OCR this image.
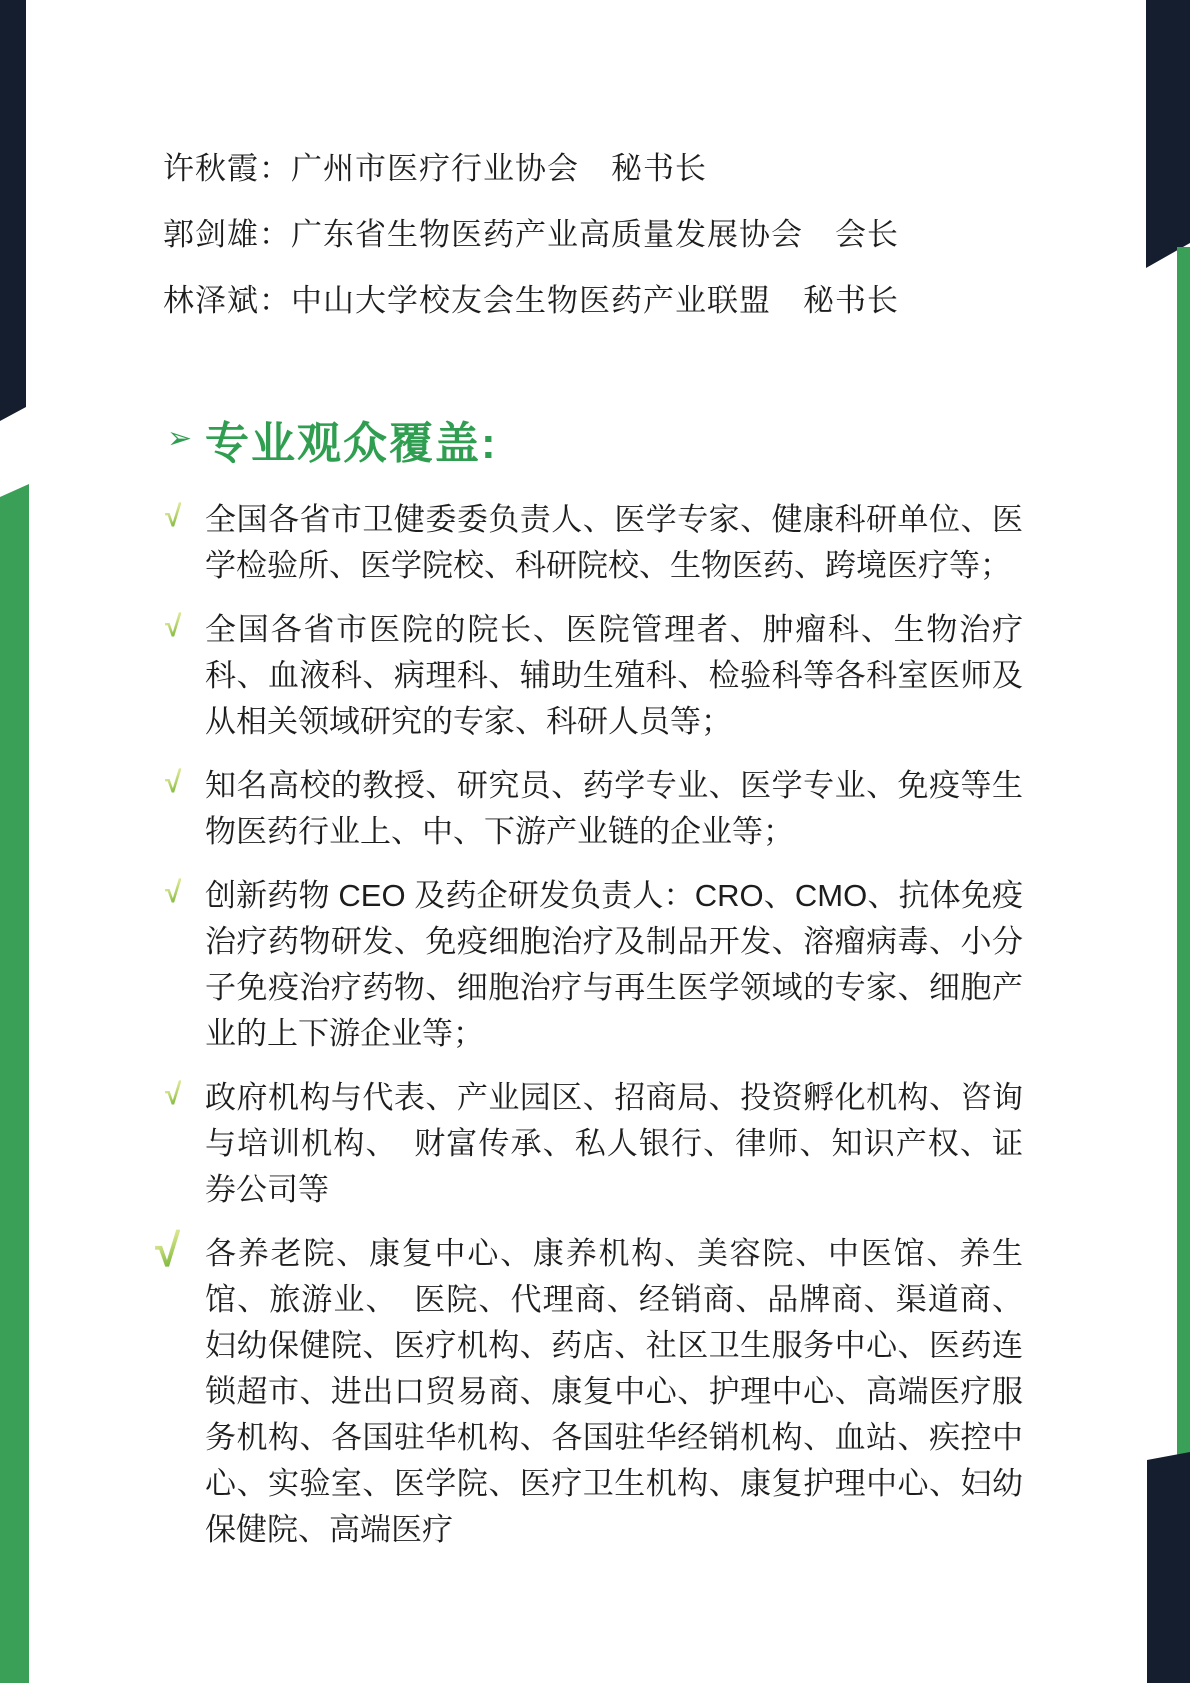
许秋霞：广州市医疗行业协会　秘书长

郭剑雄：广东省生物医药产业高质量发展协会　会长

林泽斌：中山大学校友会生物医药产业联盟　秘书长

➢ 专业观众覆盖:
√ 全国各省市卫健委委负责人、医学专家、健康科研单位、医学检验所、医学院校、科研院校、生物医药、跨境医疗等；
√ 全国各省市医院的院长、医院管理者、肿瘤科、生物治疗科、血液科、病理科、辅助生殖科、检验科等各科室医师及从相关领域研究的专家、科研人员等；
√ 知名高校的教授、研究员、药学专业、医学专业、免疫等生物医药行业上、中、下游产业链的企业等；
√ 创新药物 CEO 及药企研发负责人：CRO、CMO、抗体免疫治疗药物研发、免疫细胞治疗及制品开发、溶瘤病毒、小分子免疫治疗药物、细胞治疗与再生医学领域的专家、细胞产业的上下游企业等；
√ 政府机构与代表、产业园区、招商局、投资孵化机构、咨询与培训机构、　财富传承、私人银行、律师、知识产权、证券公司等
√ 各养老院、康复中心、康养机构、美容院、中医馆、养生馆、旅游业、　医院、代理商、经销商、品牌商、渠道商、妇幼保健院、医疗机构、药店、社区卫生服务中心、医药连锁超市、进出口贸易商、康复中心、护理中心、高端医疗服务机构、各国驻华机构、各国驻华经销机构、血站、疾控中心、实验室、医学院、医疗卫生机构、康复护理中心、妇幼保健院、高端医疗
